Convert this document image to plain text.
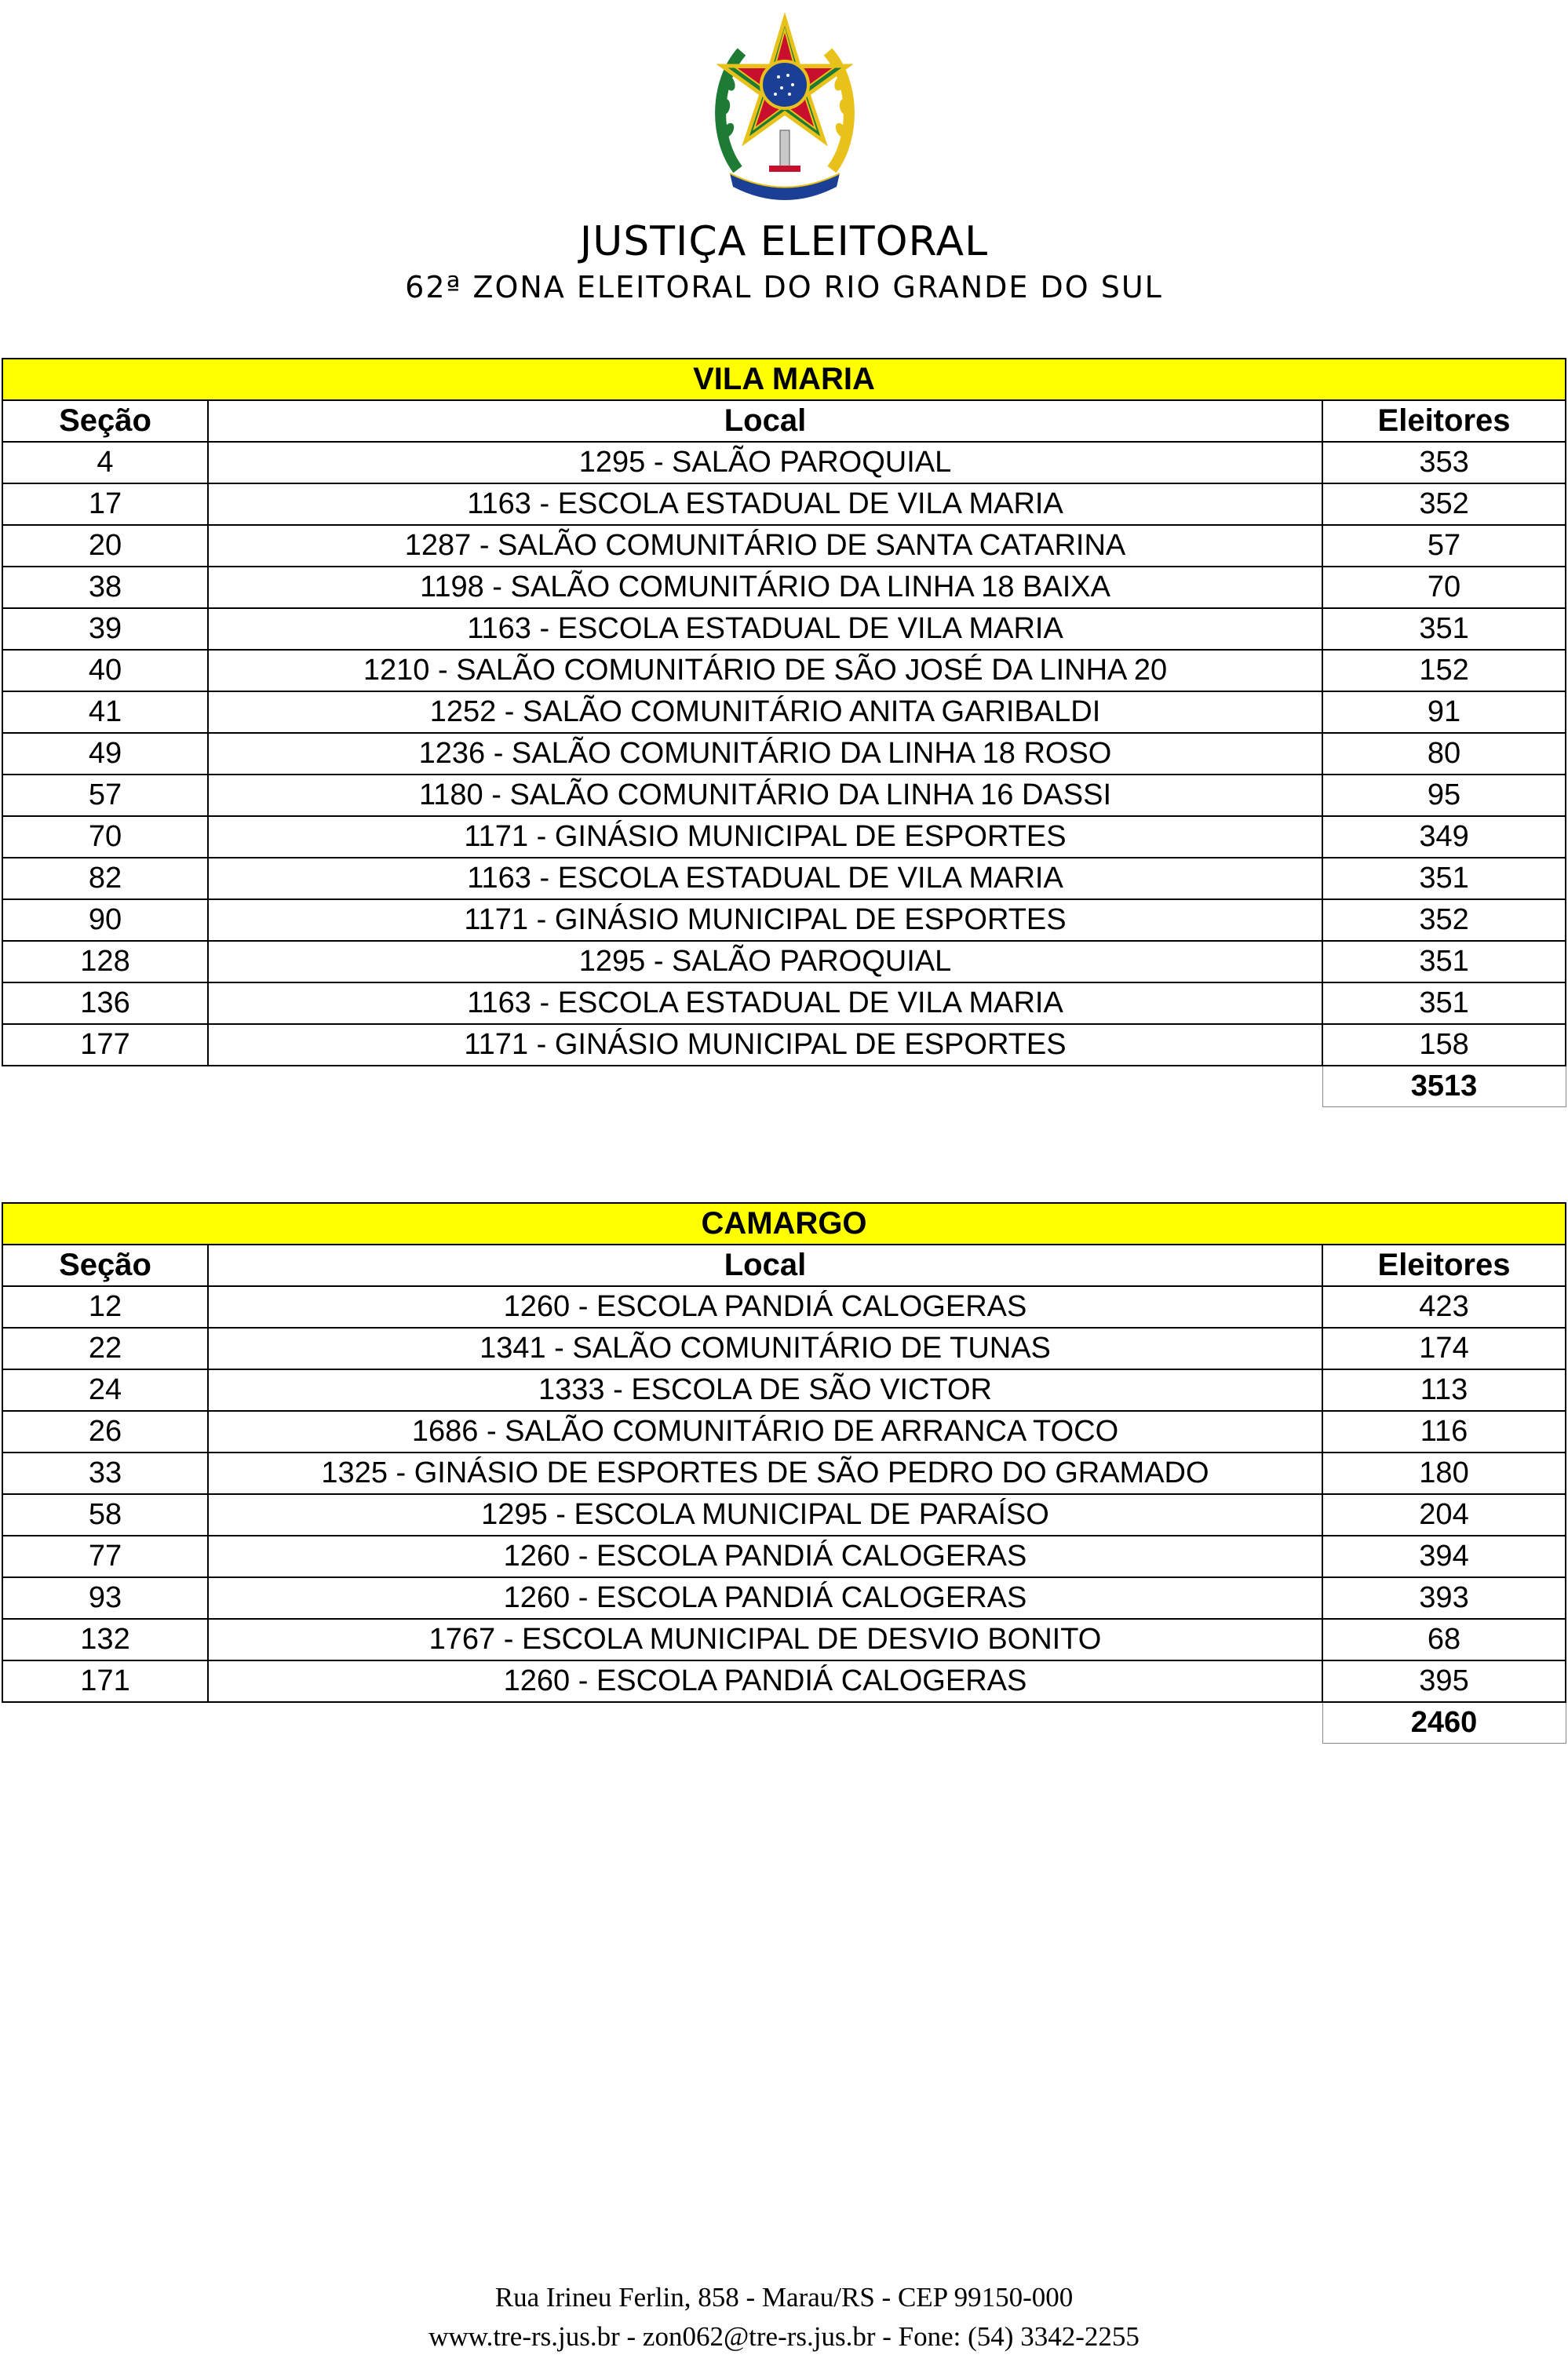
JUSTIÇA ELEITORAL
62ª ZONA ELEITORAL DO RIO GRANDE DO SUL
VILA MARIA		
Seção	Local	Eleitores
4	1295 - SALÃO PAROQUIAL	353
17	1163 - ESCOLA ESTADUAL DE VILA MARIA	352
20	1287 - SALÃO COMUNITÁRIO DE SANTA CATARINA	57
38	1198 - SALÃO COMUNITÁRIO DA LINHA 18 BAIXA	70
39	1163 - ESCOLA ESTADUAL DE VILA MARIA	351
40	1210 - SALÃO COMUNITÁRIO DE SÃO JOSÉ DA LINHA 20	152
41	1252 - SALÃO COMUNITÁRIO ANITA GARIBALDI	91
49	1236 - SALÃO COMUNITÁRIO DA LINHA 18 ROSO	80
57	1180 - SALÃO COMUNITÁRIO DA LINHA 16 DASSI	95
70	1171 - GINÁSIO MUNICIPAL DE ESPORTES	349
82	1163 - ESCOLA ESTADUAL DE VILA MARIA	351
90	1171 - GINÁSIO MUNICIPAL DE ESPORTES	352
128	1295 - SALÃO PAROQUIAL	351
136	1163 - ESCOLA ESTADUAL DE VILA MARIA	351
177	1171 - GINÁSIO MUNICIPAL DE ESPORTES	158
		3513
CAMARGO		
Seção	Local	Eleitores
12	1260 - ESCOLA PANDIÁ CALOGERAS	423
22	1341 - SALÃO COMUNITÁRIO DE TUNAS	174
24	1333 - ESCOLA DE SÃO VICTOR	113
26	1686 - SALÃO COMUNITÁRIO DE ARRANCA TOCO	116
33	1325 - GINÁSIO DE ESPORTES DE SÃO PEDRO DO GRAMADO	180
58	1295 - ESCOLA MUNICIPAL DE PARAÍSO	204
77	1260 - ESCOLA PANDIÁ CALOGERAS	394
93	1260 - ESCOLA PANDIÁ CALOGERAS	393
132	1767 - ESCOLA MUNICIPAL DE DESVIO BONITO	68
171	1260 - ESCOLA PANDIÁ CALOGERAS	395
		2460
Rua Irineu Ferlin, 858 - Marau/RS - CEP 99150-000
www.tre-rs.jus.br - zon062@tre-rs.jus.br - Fone: (54) 3342-2255
